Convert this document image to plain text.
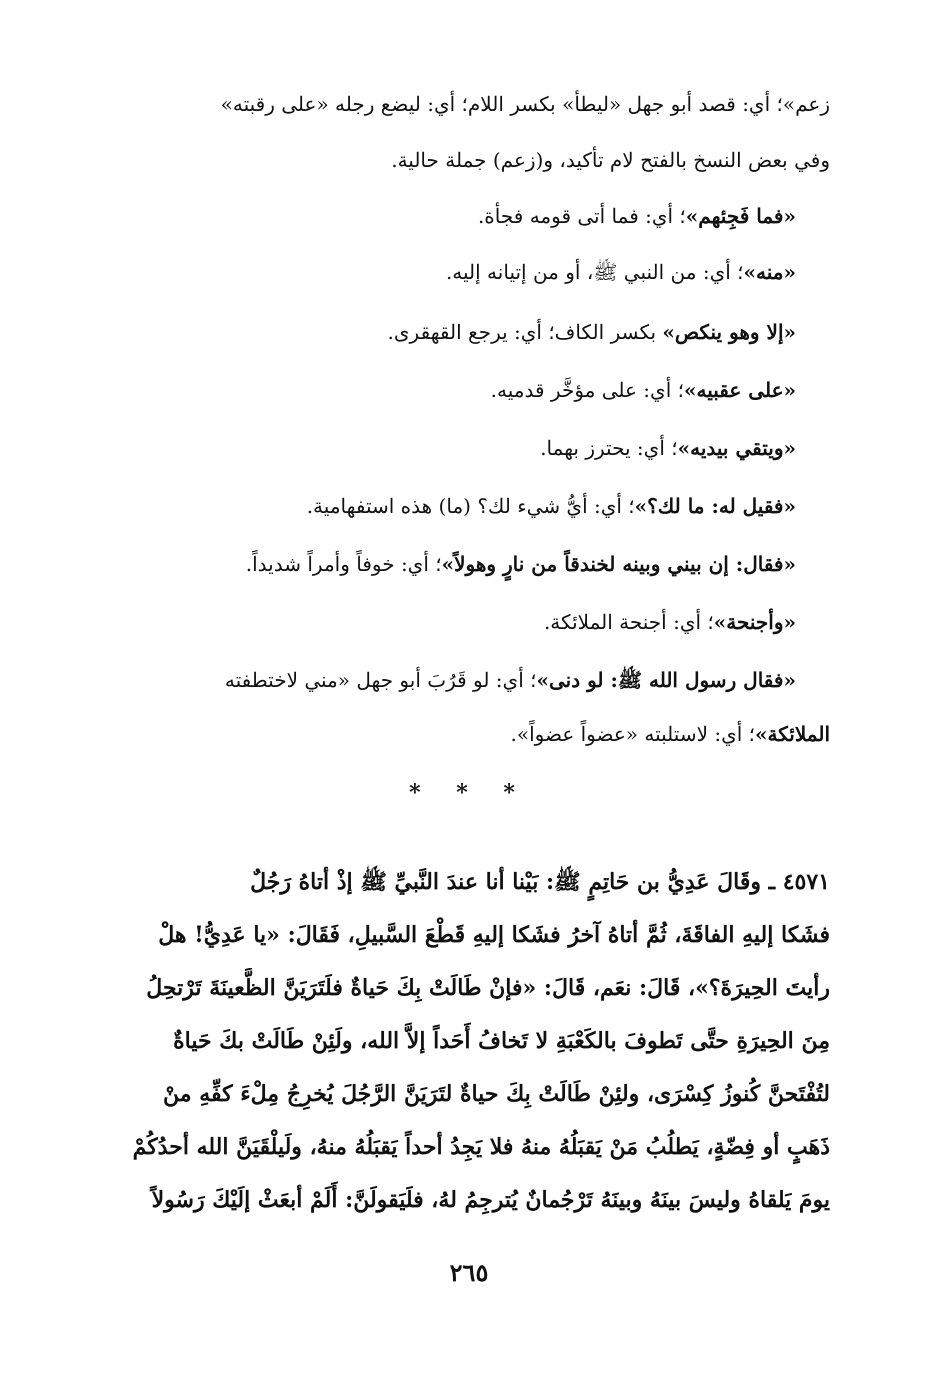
زعم»؛ أي: قصد أبو جهل «ليطأ» بكسر اللام؛ أي: ليضع رجله «على رقبته»
وفي بعض النسخ بالفتح لام تأكيد، و(زعم) جملة حالية.
«فما فَجِئهم»؛ أي: فما أتى قومه فجأة.
«منه»؛ أي: من النبي ﷺ، أو من إتيانه إليه.
«إلا وهو ينكص» بكسر الكاف؛ أي: يرجع القهقرى.
«على عقبيه»؛ أي: على مؤخَّر قدميه.
«ويتقي بيديه»؛ أي: يحترز بهما.
«فقيل له: ما لك؟»؛ أي: أيُّ شيء لك؟ (ما) هذه استفهامية.
«فقال: إن بيني وبينه لخندقاً من نارٍ وهولاً»؛ أي: خوفاً وأمراً شديداً.
«وأجنحة»؛ أي: أجنحة الملائكة.
«فقال رسول الله ﷺ: لو دنى»؛ أي: لو قَرُبَ أبو جهل «مني لاختطفته
الملائكة»؛ أي: لاستلبته «عضواً عضواً».
* * *
٤٥٧١ ـ وقَالَ عَدِيُّ بن حَاتِمٍ ﷺ: بَيْنا أنا عندَ النَّبيِّ ﷺ إذْ أتاهُ رَجُلٌ
فشَكا إليهِ الفاقَةَ، ثُمَّ أتاهُ آخرُ فشَكا إليهِ قَطْعَ السَّبيلِ، فَقَالَ: «يا عَدِيُّ! هلْ
رأيتَ الحِيرَةَ؟»، قَالَ: نعَم، قَالَ: «فإنْ طَالَتْ بِكَ حَياةٌ فلَتَرَيَنَّ الظَّعينَةَ تَرْتحِلُ
مِنَ الحِيرَةِ حتَّى تَطوفَ بالكَعْبَةِ لا تَخافُ أَحَداً إلاَّ الله، ولَئِنْ طَالَتْ بكَ حَياةٌ
لتُفْتَحنَّ كُنوزُ كِسْرَى، ولئِنْ طَالَتْ بِكَ حياةٌ لتَرَيَنَّ الرَّجُلَ يُخرِجُ مِلْءَ كفِّهِ منْ
ذَهَبٍ أو فِضّةٍ، يَطلُبُ مَنْ يَقبَلُهُ منهُ فلا يَجِدُ أحداً يَقبَلُهُ منهُ، ولَيلْقَيَنَّ الله أحدُكُمْ
يومَ يَلقاهُ وليسَ بينَهُ وبينَهُ تَرْجُمانٌ يُترجِمُ لهُ، فلَيَقولَنَّ: أَلَمْ أبعَثْ إلَيْكَ رَسُولاً
٢٦٥
